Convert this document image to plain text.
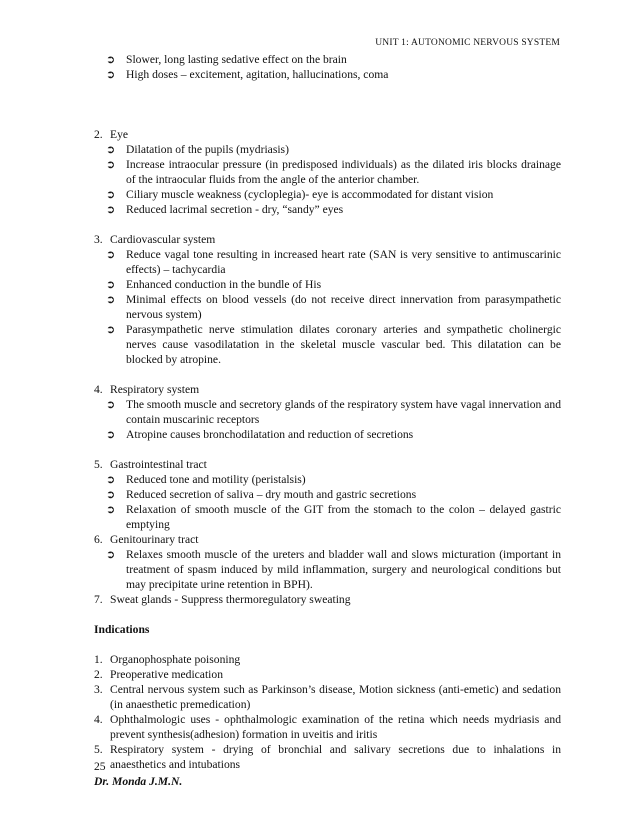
UNIT 1: AUTONOMIC NERVOUS SYSTEM
➲ Slower, long lasting sedative effect on the brain
➲ High doses – excitement, agitation, hallucinations, coma
2. Eye
➲ Dilatation of the pupils (mydriasis)
➲ Increase intraocular pressure (in predisposed individuals) as the dilated iris blocks drainage of the intraocular fluids from the angle of the anterior chamber.
➲ Ciliary muscle weakness (cycloplegia)- eye is accommodated for distant vision
➲ Reduced lacrimal secretion - dry, “sandy” eyes
3. Cardiovascular system
➲ Reduce vagal tone resulting in increased heart rate (SAN is very sensitive to antimuscarinic effects) – tachycardia
➲ Enhanced conduction in the bundle of His
➲ Minimal effects on blood vessels (do not receive direct innervation from parasympathetic nervous system)
➲ Parasympathetic nerve stimulation dilates coronary arteries and sympathetic cholinergic nerves cause vasodilatation in the skeletal muscle vascular bed. This dilatation can be blocked by atropine.
4. Respiratory system
➲ The smooth muscle and secretory glands of the respiratory system have vagal innervation and contain muscarinic receptors
➲ Atropine causes bronchodilatation and reduction of secretions
5. Gastrointestinal tract
➲ Reduced tone and motility (peristalsis)
➲ Reduced secretion of saliva – dry mouth and gastric secretions
➲ Relaxation of smooth muscle of the GIT from the stomach to the colon – delayed gastric emptying
6. Genitourinary tract
➲ Relaxes smooth muscle of the ureters and bladder wall and slows micturation (important in treatment of spasm induced by mild inflammation, surgery and neurological conditions but may precipitate urine retention in BPH).
7. Sweat glands - Suppress thermoregulatory sweating
Indications
1. Organophosphate poisoning
2. Preoperative medication
3. Central nervous system such as Parkinson’s disease, Motion sickness (anti-emetic) and sedation (in anaesthetic premedication)
4. Ophthalmologic uses - ophthalmologic examination of the retina which needs mydriasis and prevent synthesis(adhesion) formation in uveitis and iritis
5. Respiratory system - drying of bronchial and salivary secretions due to inhalations in anaesthetics and intubations
25
Dr. Monda J.M.N.
